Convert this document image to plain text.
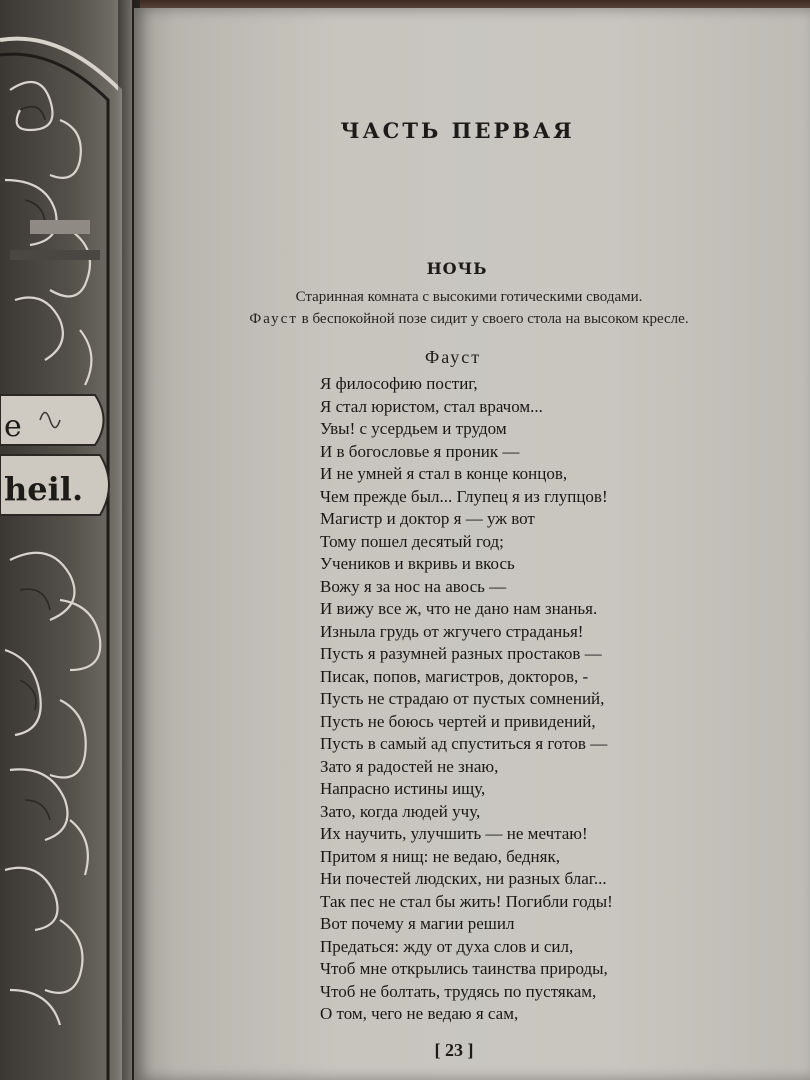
e
heil.
ЧАСТЬ ПЕРВАЯ
НОЧЬ
Старинная комната с высокими готическими сводами.
Фауст в беспокойной позе сидит у своего стола на высоком кресле.
Фауст
Я философию постиг,
Я стал юристом, стал врачом...
Увы! с усердьем и трудом
И в богословье я проник —
И не умней я стал в конце концов,
Чем прежде был... Глупец я из глупцов!
Магистр и доктор я — уж вот
Тому пошел десятый год;
Учеников и вкривь и вкось
Вожу я за нос на авось —
И вижу все ж, что не дано нам знанья.
Изныла грудь от жгучего страданья!
Пусть я разумней разных простаков —
Писак, попов, магистров, докторов, -
Пусть не страдаю от пустых сомнений,
Пусть не боюсь чертей и привидений,
Пусть в самый ад спуститься я готов —
Зато я радостей не знаю,
Напрасно истины ищу,
Зато, когда людей учу,
Их научить, улучшить — не мечтаю!
Притом я нищ: не ведаю, бедняк,
Ни почестей людских, ни разных благ...
Так пес не стал бы жить! Погибли годы!
Вот почему я магии решил
Предаться: жду от духа слов и сил,
Чтоб мне открылись таинства природы,
Чтоб не болтать, трудясь по пустякам,
О том, чего не ведаю я сам,
[ 23 ]
